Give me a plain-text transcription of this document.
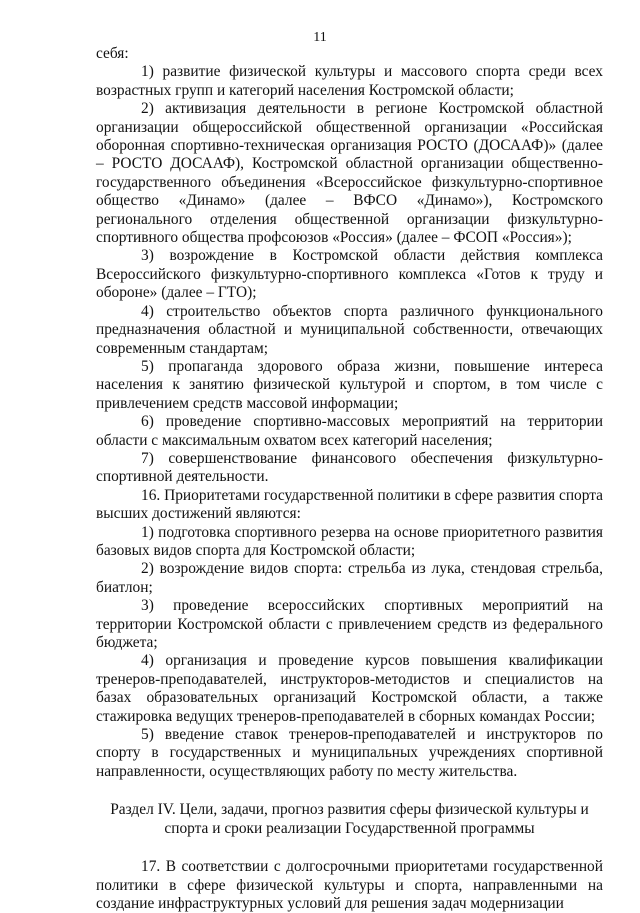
11

себя:

1) развитие физической культуры и массового спорта среди всех возрастных групп и категорий населения Костромской области;

2) активизация деятельности в регионе Костромской областной организации общероссийской общественной организации «Российская оборонная спортивно-техническая организация РОСТО (ДОСААФ)» (далее – РОСТО ДОСААФ), Костромской областной организации общественно-государственного объединения «Всероссийское физкультурно-спортивное общество «Динамо» (далее – ВФСО «Динамо»), Костромского регионального отделения общественной организации физкультурно-спортивного общества профсоюзов «Россия» (далее – ФСОП «Россия»);

3) возрождение в Костромской области действия комплекса Всероссийского физкультурно-спортивного комплекса «Готов к труду и обороне» (далее – ГТО);

4) строительство объектов спорта различного функционального предназначения областной и муниципальной собственности, отвечающих современным стандартам;

5) пропаганда здорового образа жизни, повышение интереса населения к занятию физической культурой и спортом, в том числе с привлечением средств массовой информации;

6) проведение спортивно-массовых мероприятий на территории области с максимальным охватом всех категорий населения;

7) совершенствование финансового обеспечения физкультурно-спортивной деятельности.

16. Приоритетами государственной политики в сфере развития спорта высших достижений являются:

1) подготовка спортивного резерва на основе приоритетного развития базовых видов спорта для Костромской области;

2) возрождение видов спорта: стрельба из лука, стендовая стрельба, биатлон;

3) проведение всероссийских спортивных мероприятий на территории Костромской области с привлечением средств из федерального бюджета;

4) организация и проведение курсов повышения квалификации тренеров-преподавателей, инструкторов-методистов и специалистов на базах образовательных организаций Костромской области, а также стажировка ведущих тренеров-преподавателей в сборных командах России;

5) введение ставок тренеров-преподавателей и инструкторов по спорту в государственных и муниципальных учреждениях спортивной направленности, осуществляющих работу по месту жительства.

Раздел IV. Цели, задачи, прогноз развития сферы физической культуры и
спорта и сроки реализации Государственной программы

17. В соответствии с долгосрочными приоритетами государственной политики в сфере физической культуры и спорта, направленными на создание инфраструктурных условий для решения задач модернизации
